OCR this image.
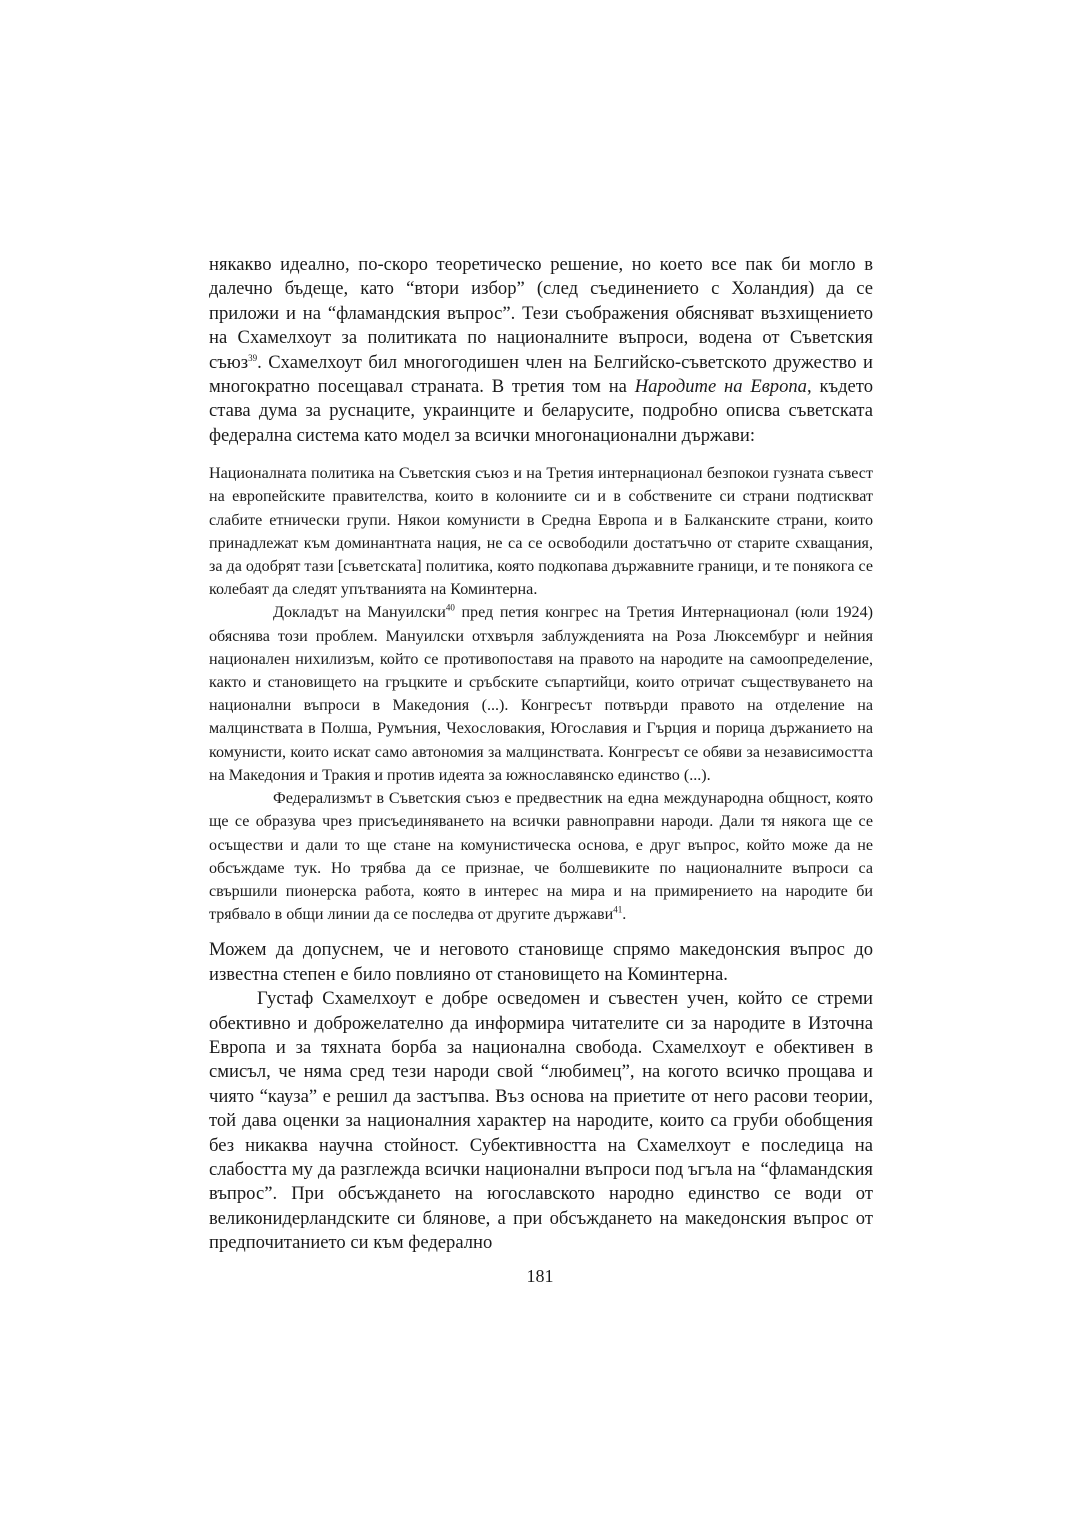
някакво идеално, по-скоро теоретическо решение, но което все пак би могло в далечно бъдеще, като “втори избор” (след съединението с Холандия) да се приложи и на “фламандския въпрос”. Тези съображения обясняват възхищението на Схамелхоут за политиката по националните въпроси, водена от Съветския съюз$^{39}$. Схамелхоут бил многогодишен член на Белгийско-съветското дружество и многократно посещавал страната. В третия том на Народите на Европа, където става дума за руснаците, украинците и беларусите, подробно описва съветската федерална система като модел за всички многонационални държави:

Националната политика на Съветския съюз и на Третия интернационал безпокои гузната съвест на европейските правителства, които в колониите си и в собствените си страни подтискват слабите етнически групи. Някои комунисти в Средна Европа и в Балканските страни, които принадлежат към доминантната нация, не са се освободили достатъчно от старите схващания, за да одобрят тази [съветската] политика, която подкопава държавните граници, и те понякога се колебаят да следят упътванията на Коминтерна.

Докладът на Мануилски$^{40}$ пред петия конгрес на Третия Интернационал (юли 1924) обяснява този проблем. Мануилски отхвърля заблужденията на Роза Люксембург и нейния национален нихилизъм, който се противопоставя на правото на народите на самоопределение, както и становището на гръцките и сръбските съпартийци, които отричат съществуването на национални въпроси в Македония (...). Конгресът потвърди правото на отделение на малцинствата в Полша, Румъния, Чехословакия, Югославия и Гърция и порица държанието на комунисти, които искат само автономия за малцинствата. Конгресът се обяви за независимостта на Македония и Тракия и против идеята за южнославянско единство (...).

Федерализмът в Съветския съюз е предвестник на една международна общност, която ще се образува чрез присъединяването на всички равноправни народи. Дали тя някога ще се осъществи и дали то ще стане на комунистическа основа, е друг въпрос, който може да не обсъждаме тук. Но трябва да се признае, че болшевиките по националните въпроси са свършили пионерска работа, която в интерес на мира и на примирението на народите би трябвало в общи линии да се последва от другите държави$^{41}$.

Можем да допуснем, че и неговото становище спрямо македонския въпрос до известна степен е било повлияно от становището на Коминтерна.

Густаф Схамелхоут е добре осведомен и съвестен учен, който се стреми обективно и доброжелателно да информира читателите си за народите в Източна Европа и за тяхната борба за национална свобода. Схамелхоут е обективен в смисъл, че няма сред тези народи свой “любимец”, на когото всичко прощава и чиято “кауза” е решил да застъпва. Въз основа на приетите от него расови теории, той дава оценки за националния характер на народите, които са груби обобщения без никаква научна стойност. Субективността на Схамелхоут е последица на слабостта му да разглежда всички национални въпроси под ъгъла на “фламандския въпрос”. При обсъждането на югославското народно единство се води от великонидерландските си блянове, а при обсъждането на македонския въпрос от предпочитанието си към федерално

181
